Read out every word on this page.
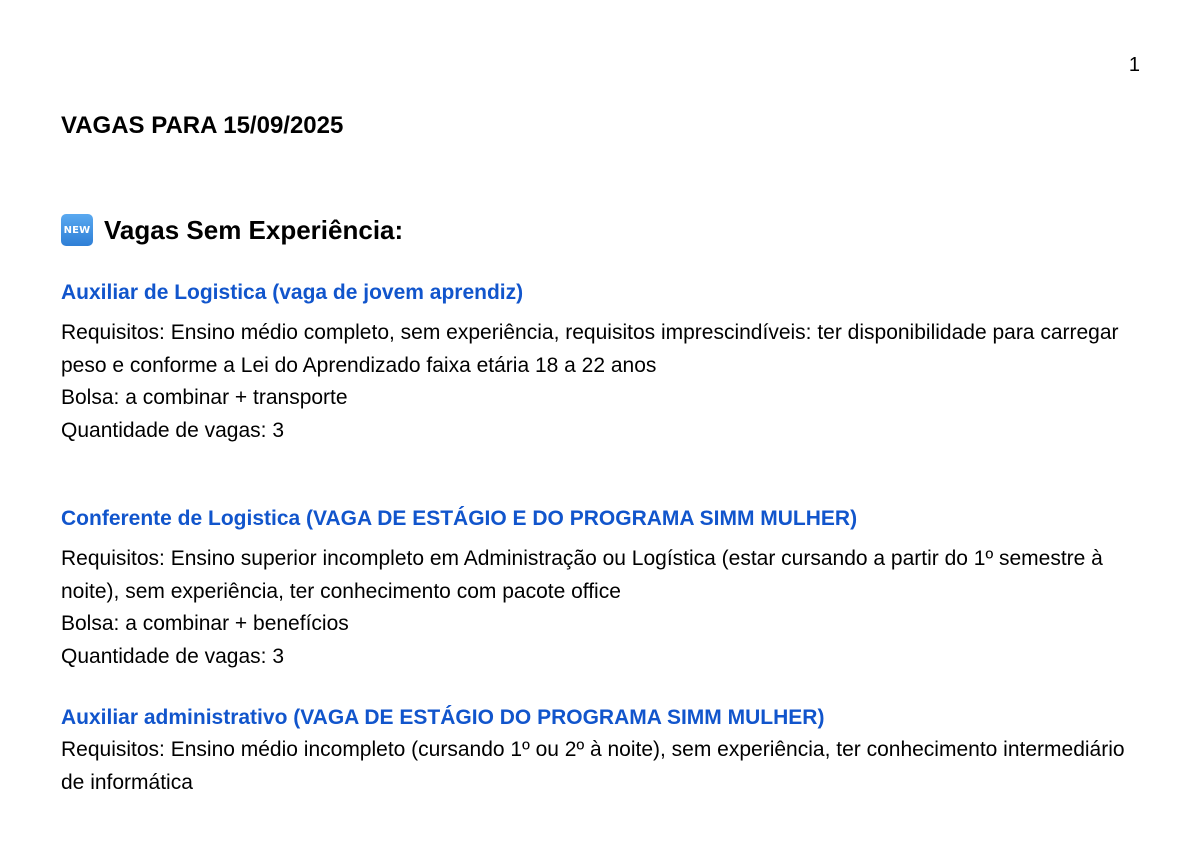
1
VAGAS PARA 15/09/2025
NEW Vagas Sem Experiência:

Auxiliar de Logistica (vaga de jovem aprendiz)

Requisitos: Ensino médio completo, sem experiência, requisitos imprescindíveis: ter disponibilidade para carregar peso e conforme a Lei do Aprendizado faixa etária 18 a 22 anos
Bolsa: a combinar + transporte
Quantidade de vagas: 3

Conferente de Logistica (VAGA DE ESTÁGIO E DO PROGRAMA SIMM MULHER)

Requisitos: Ensino superior incompleto em Administração ou Logística (estar cursando a partir do 1º semestre à noite), sem experiência, ter conhecimento com pacote office
Bolsa: a combinar + benefícios
Quantidade de vagas: 3

Auxiliar administrativo (VAGA DE ESTÁGIO DO PROGRAMA SIMM MULHER)

Requisitos: Ensino médio incompleto (cursando 1º ou 2º à noite), sem experiência, ter conhecimento intermediário de informática
